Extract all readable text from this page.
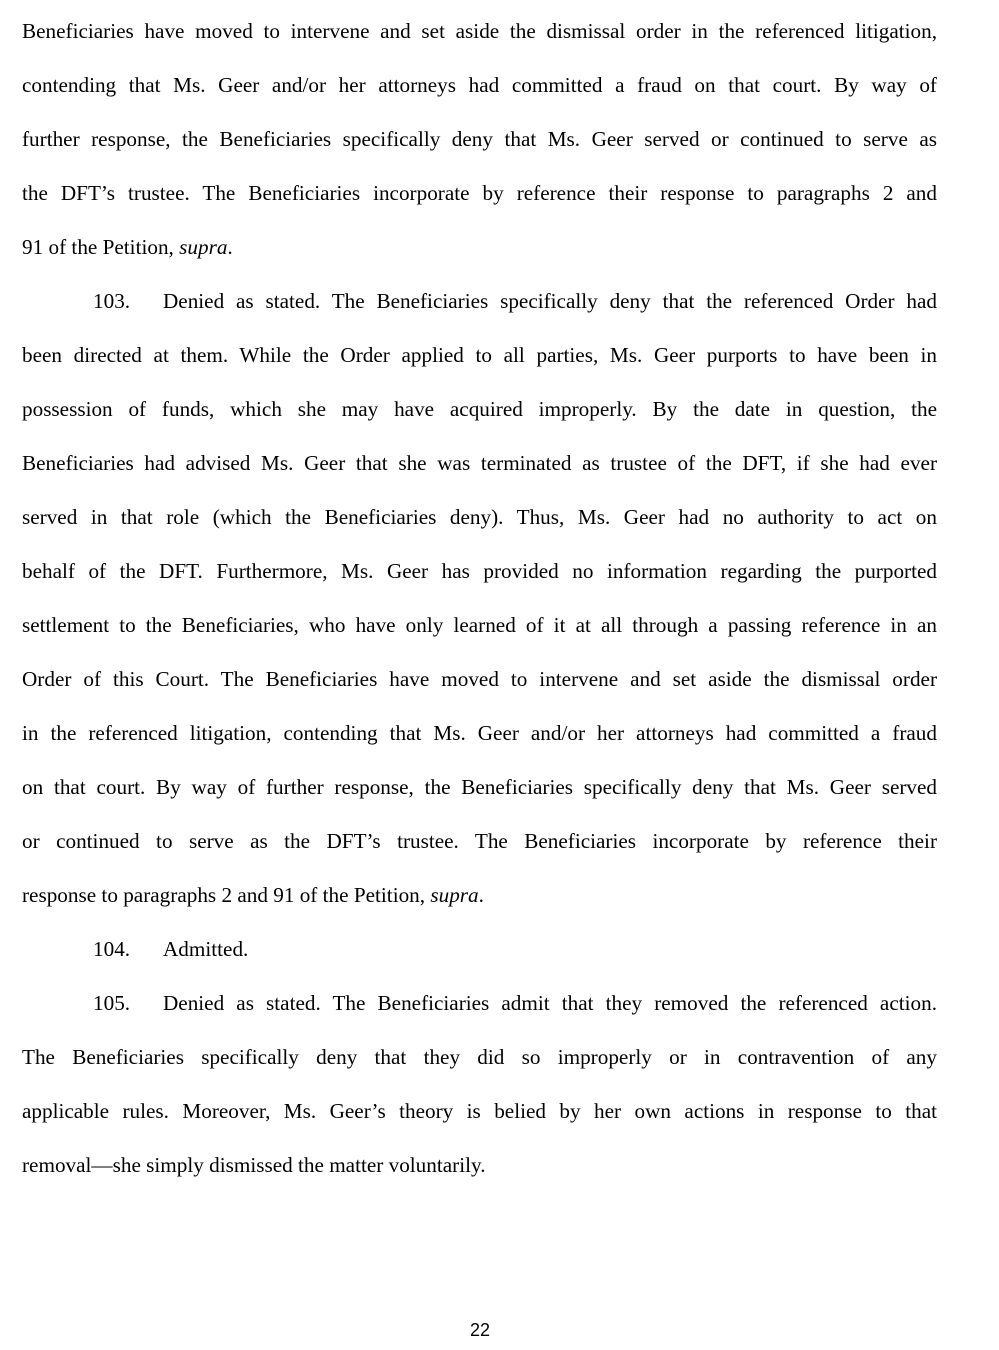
Beneficiaries have moved to intervene and set aside the dismissal order in the referenced litigation,
contending that Ms. Geer and/or her attorneys had committed a fraud on that court. By way of
further response, the Beneficiaries specifically deny that Ms. Geer served or continued to serve as
the DFT’s trustee. The Beneficiaries incorporate by reference their response to paragraphs 2 and
91 of the Petition, supra.
103. Denied as stated. The Beneficiaries specifically deny that the referenced Order had
been directed at them. While the Order applied to all parties, Ms. Geer purports to have been in
possession of funds, which she may have acquired improperly. By the date in question, the
Beneficiaries had advised Ms. Geer that she was terminated as trustee of the DFT, if she had ever
served in that role (which the Beneficiaries deny). Thus, Ms. Geer had no authority to act on
behalf of the DFT. Furthermore, Ms. Geer has provided no information regarding the purported
settlement to the Beneficiaries, who have only learned of it at all through a passing reference in an
Order of this Court. The Beneficiaries have moved to intervene and set aside the dismissal order
in the referenced litigation, contending that Ms. Geer and/or her attorneys had committed a fraud
on that court. By way of further response, the Beneficiaries specifically deny that Ms. Geer served
or continued to serve as the DFT’s trustee. The Beneficiaries incorporate by reference their
response to paragraphs 2 and 91 of the Petition, supra.
104. Admitted.
105. Denied as stated. The Beneficiaries admit that they removed the referenced action.
The Beneficiaries specifically deny that they did so improperly or in contravention of any
applicable rules. Moreover, Ms. Geer’s theory is belied by her own actions in response to that
removal—she simply dismissed the matter voluntarily.
22
